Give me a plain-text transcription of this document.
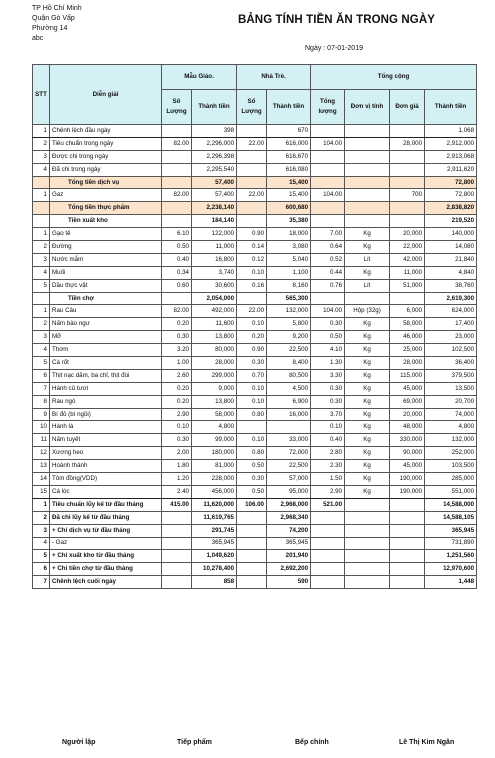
TP Hồ Chí Minh
Quận Gò Vấp
Phường 14
abc
BẢNG TÍNH TIỀN ĂN TRONG NGÀY
Ngày : 07-01-2019
STT	Diễn giải	Mẫu Giáo.		Nhà Trẻ.		Tổng cộng			
		Số Lượng	Thành tiền	Số Lượng	Thành tiền	Tổng lượng	Đơn vị tính	Đơn giá	Thành tiền
1	Chênh lệch đầu ngày		398		670				1,068
2	Tiêu chuẩn trong ngày	82.00	2,296,000	22.00	616,000	104.00		28,000	2,912,000
3	Được chi trong ngày		2,296,398		616,670				2,913,068
4	Đã chi trong ngày		2,295,540		616,080				2,911,620
	Tổng tiền dịch vụ		57,400		15,400				72,800
1	Gaz	82.00	57,400	22.00	15,400	104.00		700	72,800
	Tổng tiền thực phẩm		2,238,140		600,680				2,838,820
	Tiền xuất kho		184,140		35,380				219,520
1	Gạo tẻ	6.10	122,000	0.90	18,000	7.00	Kg	20,000	140,000
2	Đường	0.50	11,000	0.14	3,080	0.64	Kg	22,000	14,080
3	Nước mắm	0.40	16,800	0.12	5,040	0.52	Lít	42,000	21,840
4	Muối	0.34	3,740	0.10	1,100	0.44	Kg	11,000	4,840
5	Dầu thực vật	0.60	30,600	0.16	8,160	0.76	Lít	51,000	38,760
	Tiền chợ		2,054,000		565,300				2,619,300
1	Rau Câu	82.00	492,000	22.00	132,000	104.00	Hộp (32g)	6,000	624,000
2	Nấm bào ngư	0.20	11,600	0.10	5,800	0.30	Kg	58,000	17,400
3	Mỡ	0.30	13,800	0.20	9,200	0.50	Kg	46,000	23,000
4	Thơm	3.20	80,000	0.90	22,500	4.10	Kg	25,000	102,500
5	Cà rốt	1.00	28,000	0.30	8,400	1.30	Kg	28,000	36,400
6	Thịt nạc dăm, ba chỉ, thịt đùi	2.60	299,000	0.70	80,500	3.30	Kg	115,000	379,500
7	Hành củ tươi	0.20	9,000	0.10	4,500	0.30	Kg	45,000	13,500
8	Rau ngò	0.20	13,800	0.10	6,900	0.30	Kg	69,000	20,700
9	Bí đỏ (bí ngồi)	2.90	58,000	0.80	16,000	3.70	Kg	20,000	74,000
10	Hành lá	0.10	4,800			0.10	Kg	48,000	4,800
11	Nấm tuyết	0.30	99,000	0.10	33,000	0.40	Kg	330,000	132,000
12	Xương heo	2.00	180,000	0.80	72,000	2.80	Kg	90,000	252,000
13	Hoành thánh	1.80	81,000	0.50	22,500	2.30	Kg	45,000	103,500
14	Tôm đồng(VDD)	1.20	228,000	0.30	57,000	1.50	Kg	190,000	285,000
15	Cá lóc	2.40	456,000	0.50	95,000	2.90	Kg	190,000	551,000
1	Tiêu chuẩn lũy kế từ đầu tháng	415.00	11,620,000	106.00	2,968,000	521.00			14,588,000
2	Đã chi lũy kế từ đầu tháng		11,619,765		2,968,340				14,588,105
3	+ Chi dịch vụ từ đầu tháng		291,745		74,200				365,945
4	- Gaz		365,945		365,945				731,890
5	+ Chi xuất kho từ đầu tháng		1,049,620		201,940				1,251,560
6	+ Chi tiền chợ từ đầu tháng		10,278,400		2,692,200				12,970,600
7	Chênh lệch cuối ngày		858		590				1,448
Người lập	Tiếp phẩm	Bếp chính	Lê Thị Kim Ngân
